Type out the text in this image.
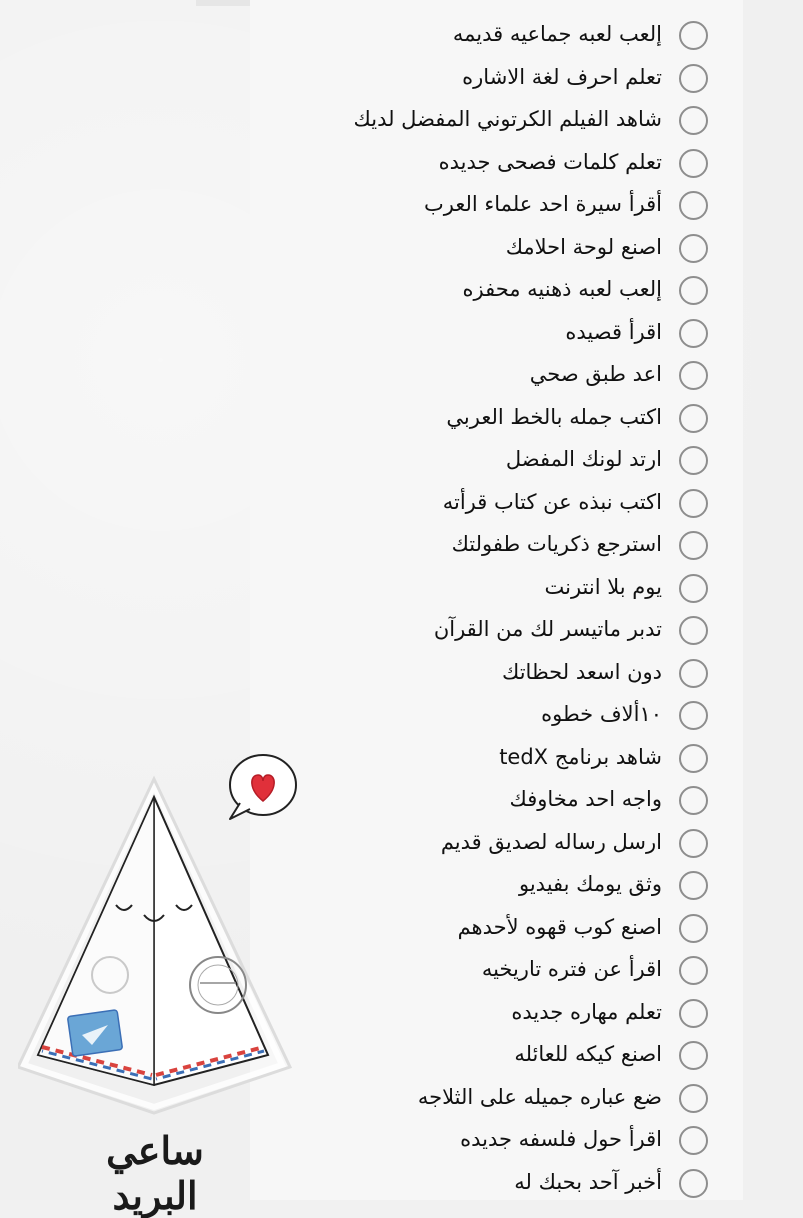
إلعب لعبه جماعيه قديمه
تعلم احرف لغة الاشاره
شاهد الفيلم الكرتوني المفضل لديك
تعلم كلمات فصحى جديده
أقرأ سيرة احد علماء العرب
اصنع لوحة احلامك
إلعب لعبه ذهنيه محفزه
اقرأ قصيده
اعد طبق صحي
اكتب جمله بالخط العربي
ارتد لونك المفضل
اكتب نبذه عن كتاب قرأته
استرجع ذكريات طفولتك
يوم بلا انترنت
تدبر ماتيسر لك من القرآن
دون اسعد لحظاتك
١٠ألاف خطوه
شاهد برنامج tedX
واجه احد مخاوفك
ارسل رساله لصديق قديم
وثق يومك بفيديو
اصنع كوب قهوه لأحدهم
اقرأ عن فتره تاريخيه
تعلم مهاره جديده
اصنع كيكه للعائله
ضع عباره جميله على الثلاجه
اقرأ حول فلسفه جديده
أخبر آحد بحبك له
ساعي البريد
